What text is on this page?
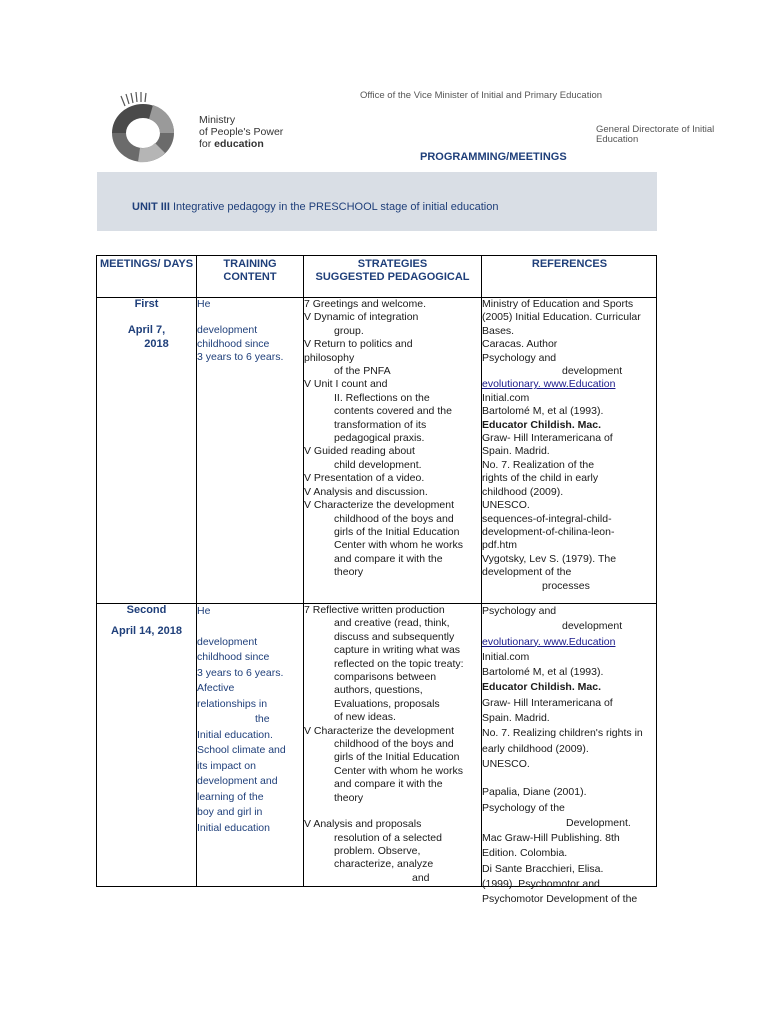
Ministry
of People's Power
for education
Office of the Vice Minister of Initial and Primary Education
General Directorate of Initial
Education
PROGRAMMING/MEETINGS
UNIT III Integrative pedagogy in the PRESCHOOL stage of initial education
MEETINGS/ DAYS	TRAINING
CONTENT
STRATEGIES
SUGGESTED PEDAGOGICAL
REFERENCES
First
April 7,
2018
He
development
childhood since
3 years to 6 years.
7 Greetings and welcome.
V Dynamic of integration
group.
V Return to politics and
philosophy
of the PNFA
V Unit I count and
II. Reflections on the
contents covered and the
transformation of its
pedagogical praxis.
V Guided reading about
child development.
V Presentation of a video.
V Analysis and discussion.
V Characterize the development
childhood of the boys and
girls of the Initial Education
Center with whom he works
and compare it with the
theory
Ministry of Education and Sports
(2005) Initial Education. Curricular
Bases.
Caracas. Author
Psychology and
development
evolutionary. www.Education
Initial.com
Bartolomé M, et al (1993).
Educator Childish. Mac.
Graw- Hill Interamericana of
Spain. Madrid.
No. 7. Realization of the
rights of the child in early
childhood (2009).
UNESCO.
sequences-of-integral-child-
development-of-chilina-leon-
pdf.htm
Vygotsky, Lev S. (1979). The
development of the
processes
Second
April 14, 2018
He
development
childhood since
3 years to 6 years.
Afective
relationships in
the
Initial education.
School climate and
its impact on
development and
learning of the
boy and girl in
Initial education
7 Reflective written production
and creative (read, think,
discuss and subsequently
capture in writing what was
reflected on the topic treaty:
comparisons between
authors, questions,
Evaluations, proposals
of new ideas.
V Characterize the development
childhood of the boys and
girls of the Initial Education
Center with whom he works
and compare it with the
theory
V Analysis and proposals
resolution of a selected
problem. Observe,
characterize, analyze
and
Psychology and
development
evolutionary. www.Education
Initial.com
Bartolomé M, et al (1993).
Educator Childish. Mac.
Graw- Hill Interamericana of
Spain. Madrid.
No. 7. Realizing children's rights in
early childhood (2009).
UNESCO.
Papalia, Diane (2001).
Psychology of the
Development.
Mac Graw-Hill Publishing. 8th
Edition. Colombia.
Di Sante Bracchieri, Elisa.
(1999). Psychomotor and
Psychomotor Development of the
